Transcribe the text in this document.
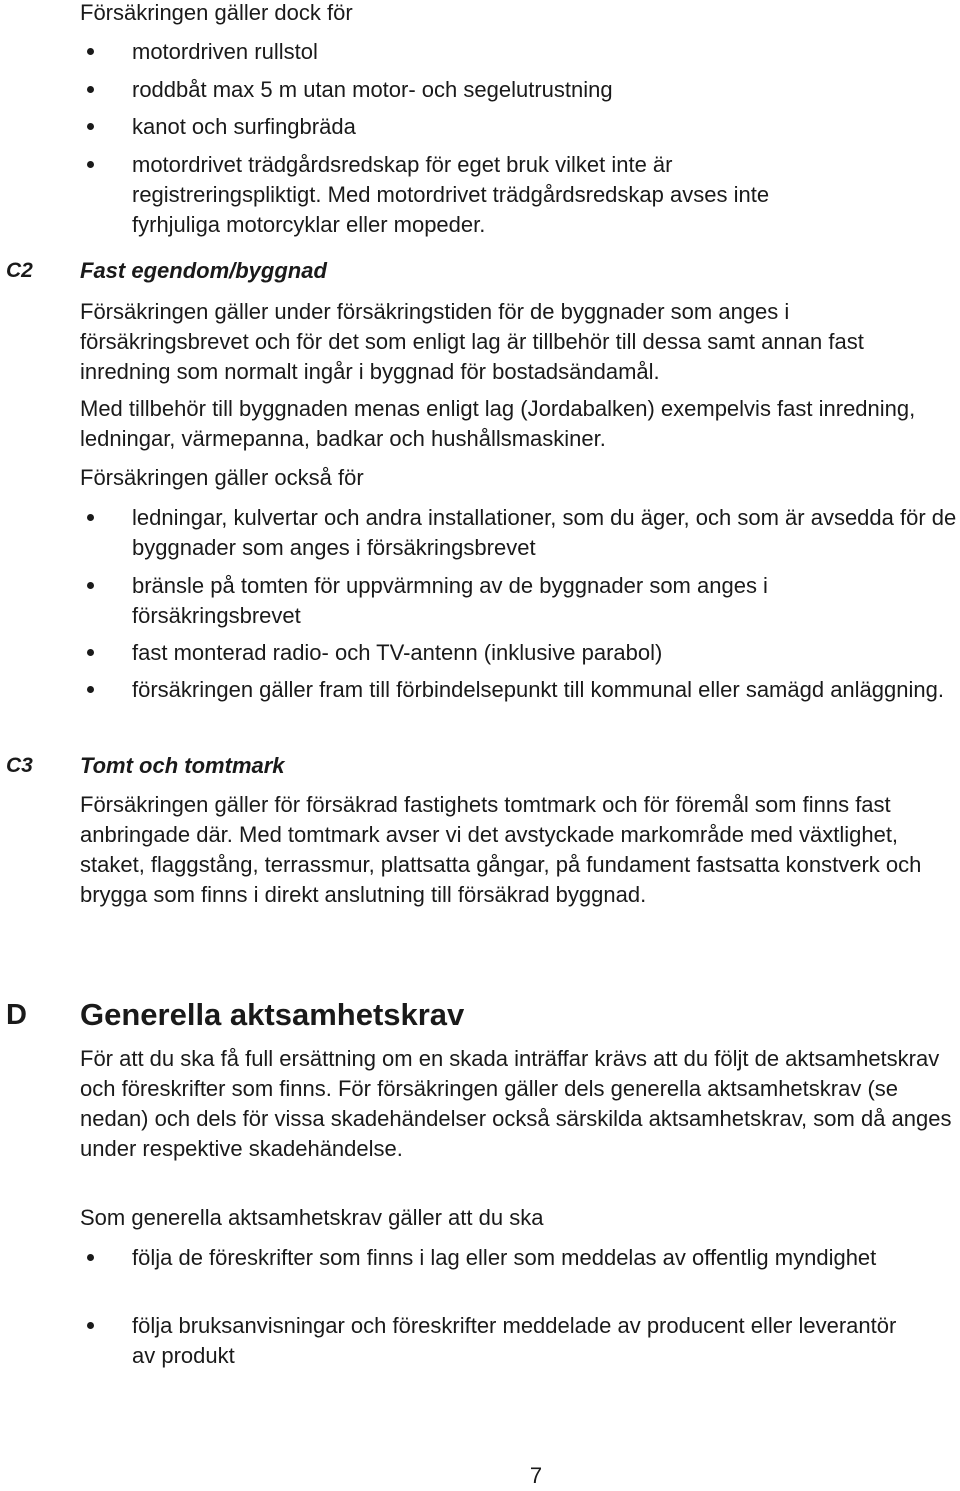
Försäkringen gäller dock för

motordriven rullstol
roddbåt max 5 m utan motor- och segelutrustning
kanot och surfingbräda
motordrivet trädgårdsredskap för eget bruk vilket inte är registreringspliktigt. Med motordrivet trädgårdsredskap avses inte fyrhjuliga motorcyklar eller mopeder.
C2 Fast egendom/byggnad

Försäkringen gäller under försäkringstiden för de byggnader som anges i försäkringsbrevet och för det som enligt lag är tillbehör till dessa samt annan fast inredning som normalt ingår i byggnad för bostadsändamål.

Med tillbehör till byggnaden menas enligt lag (Jordabalken) exempelvis fast inredning, ledningar, värmepanna, badkar och hushållsmaskiner.

Försäkringen gäller också för

ledningar, kulvertar och andra installationer, som du äger, och som är avsedda för de byggnader som anges i försäkringsbrevet
bränsle på tomten för uppvärmning av de byggnader som anges i försäkringsbrevet
fast monterad radio- och TV-antenn (inklusive parabol)
försäkringen gäller fram till förbindelsepunkt till kommunal eller samägd anläggning.
C3 Tomt och tomtmark

Försäkringen gäller för försäkrad fastighets tomtmark och för föremål som finns fast anbringade där. Med tomtmark avser vi det avstyckade markområde med växtlighet, staket, flaggstång, terrassmur, plattsatta gångar, på fundament fastsatta konstverk och brygga som finns i direkt anslutning till försäkrad byggnad.

D Generella aktsamhetskrav

För att du ska få full ersättning om en skada inträffar krävs att du följt de aktsamhetskrav och föreskrifter som finns. För försäkringen gäller dels generella aktsamhetskrav (se nedan) och dels för vissa skadehändelser också särskilda aktsamhetskrav, som då anges under respektive skadehändelse.

Som generella aktsamhetskrav gäller att du ska

följa de föreskrifter som finns i lag eller som meddelas av offentlig myndighet
följa bruksanvisningar och föreskrifter meddelade av producent eller leverantör av produkt
7
